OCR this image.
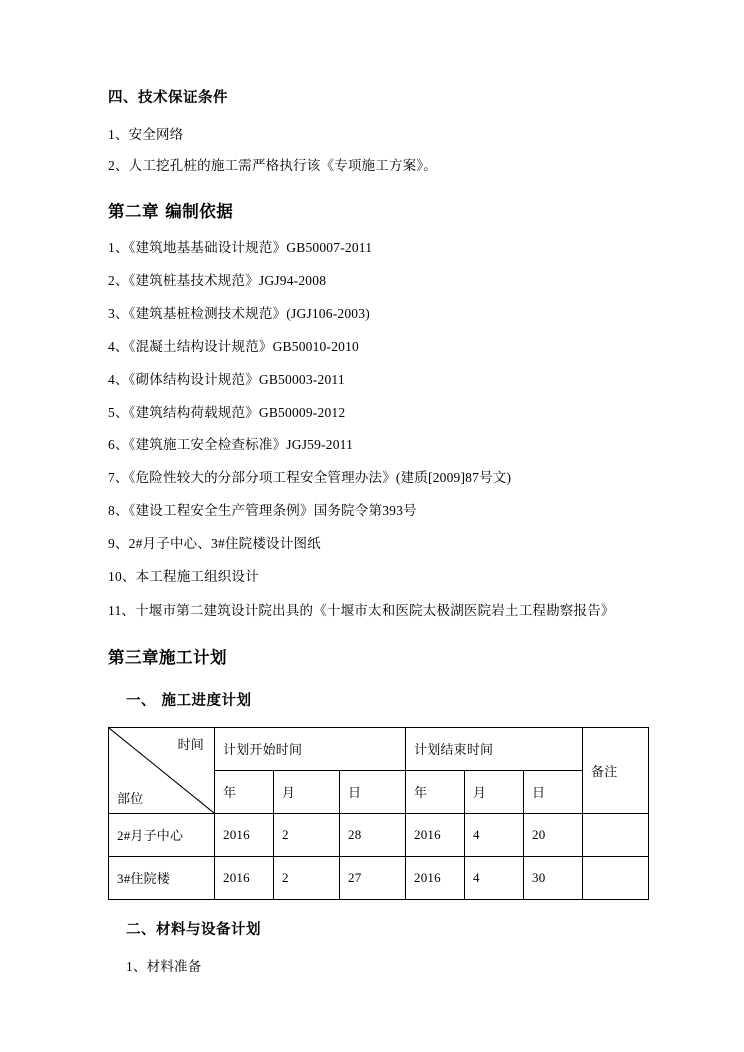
四、技术保证条件
1、安全网络
2、人工挖孔桩的施工需严格执行该《专项施工方案》。
第二章 编制依据
1、《建筑地基基础设计规范》GB50007-2011
2、《建筑桩基技术规范》JGJ94-2008
3、《建筑基桩检测技术规范》(JGJ106-2003)
4、《混凝土结构设计规范》GB50010-2010
4、《砌体结构设计规范》GB50003-2011
5、《建筑结构荷载规范》GB50009-2012
6、《建筑施工安全检查标准》JGJ59-2011
7、《危险性较大的分部分项工程安全管理办法》(建质[2009]87号文)
8、《建设工程安全生产管理条例》国务院令第393号
9、2#月子中心、3#住院楼设计图纸
10、本工程施工组织设计
11、十堰市第二建筑设计院出具的《十堰市太和医院太极湖医院岩土工程勘察报告》
第三章施工计划
一、 施工进度计划
时间
部位	计划开始时间			计划结束时间			备注
	年	月	日	年	月	日	
2#月子中心	2016	2	28	2016	4	20	
3#住院楼	2016	2	27	2016	4	30	
二、材料与设备计划
1、材料准备
